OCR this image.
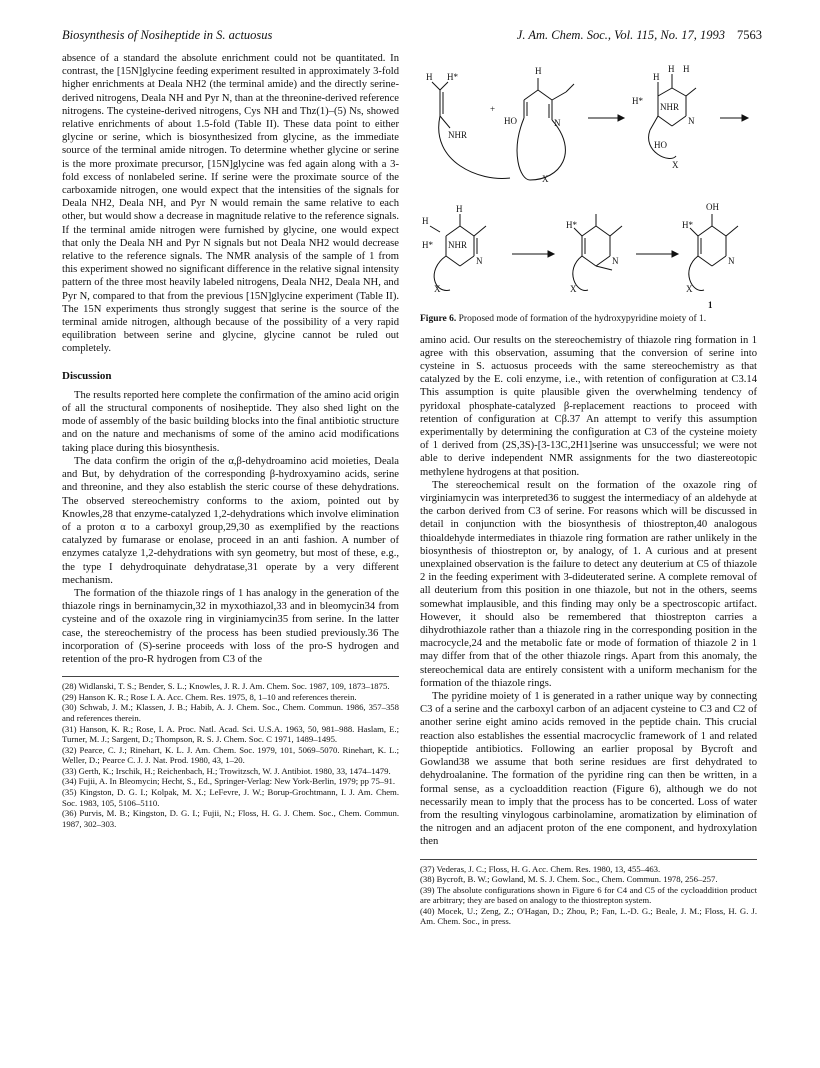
Biosynthesis of Nosiheptide in S. actuosus	J. Am. Chem. Soc., Vol. 115, No. 17, 1993 7563

absence of a standard the absolute enrichment could not be quantitated. In contrast, the [15N]glycine feeding experiment resulted in approximately 3-fold higher enrichments at Deala NH2 (the terminal amide) and the directly serine-derived nitrogens, Deala NH and Pyr N, than at the threonine-derived reference nitrogens. The cysteine-derived nitrogens, Cys NH and Thz(1)–(5) Ns, showed relative enrichments of about 1.5-fold (Table II). These data point to either glycine or serine, which is biosynthesized from glycine, as the immediate source of the terminal amide nitrogen. To determine whether glycine or serine is the more proximate precursor, [15N]glycine was fed again along with a 3-fold excess of nonlabeled serine. If serine were the proximate source of the carboxamide nitrogen, one would expect that the intensities of the signals for Deala NH2, Deala NH, and Pyr N would remain the same relative to each other, but would show a decrease in magnitude relative to the reference signals. If the terminal amide nitrogen were furnished by glycine, one would expect that only the Deala NH and Pyr N signals but not Deala NH2 would decrease relative to the reference signals. The NMR analysis of the sample of 1 from this experiment showed no significant difference in the relative signal intensity pattern of the three most heavily labeled nitrogens, Deala NH2, Deala NH, and Pyr N, compared to that from the previous [15N]glycine experiment (Table II). The 15N experiments thus strongly suggest that serine is the source of the terminal amide nitrogen, although because of the possibility of a very rapid equilibration between serine and glycine, glycine cannot be ruled out completely.

Discussion

The results reported here complete the confirmation of the amino acid origin of all the structural components of nosiheptide. They also shed light on the mode of assembly of the basic building blocks into the final antibiotic structure and on the nature and mechanisms of some of the amino acid modifications taking place during this biosynthesis.

The data confirm the origin of the α,β-dehydroamino acid moieties, Deala and But, by dehydration of the corresponding β-hydroxyamino acids, serine and threonine, and they also establish the steric course of these dehydrations. The observed stereochemistry conforms to the axiom, pointed out by Knowles,28 that enzyme-catalyzed 1,2-dehydrations which involve elimination of a proton α to a carboxyl group,29,30 as exemplified by the reactions catalyzed by fumarase or enolase, proceed in an anti fashion. A number of enzymes catalyze 1,2-dehydrations with syn geometry, but most of these, e.g., the type I dehydroquinate dehydratase,31 operate by a very different mechanism.

The formation of the thiazole rings of 1 has analogy in the generation of the thiazole rings in berninamycin,32 in myxothiazol,33 and in bleomycin34 from cysteine and of the oxazole ring in virginiamycin35 from serine. In the latter case, the stereochemistry of the process has been studied previously.36 The incorporation of (S)-serine proceeds with loss of the pro-S hydrogen and retention of the pro-R hydrogen from C3 of the

(28) Widlanski, T. S.; Bender, S. L.; Knowles, J. R. J. Am. Chem. Soc. 1987, 109, 1873–1875.
(29) Hanson K. R.; Rose I. A. Acc. Chem. Res. 1975, 8, 1–10 and references therein.
(30) Schwab, J. M.; Klassen, J. B.; Habib, A. J. Chem. Soc., Chem. Commun. 1986, 357–358 and references therein.
(31) Hanson, K. R.; Rose, I. A. Proc. Natl. Acad. Sci. U.S.A. 1963, 50, 981–988. Haslam, E.; Turner, M. J.; Sargent, D.; Thompson, R. S. J. Chem. Soc. C 1971, 1489–1495.
(32) Pearce, C. J.; Rinehart, K. L. J. Am. Chem. Soc. 1979, 101, 5069–5070. Rinehart, K. L.; Weller, D.; Pearce C. J. J. Nat. Prod. 1980, 43, 1–20.
(33) Gerth, K.; Irschik, H.; Reichenbach, H.; Trowitzsch, W. J. Antibiot. 1980, 33, 1474–1479.
(34) Fujii, A. In Bleomycin; Hecht, S., Ed., Springer-Verlag: New York-Berlin, 1979; pp 75–91.
(35) Kingston, D. G. I.; Kolpak, M. X.; LeFevre, J. W.; Borup-Grochtmann, I. J. Am. Chem. Soc. 1983, 105, 5106–5110.
(36) Purvis, M. B.; Kingston, D. G. I.; Fujii, N.; Floss, H. G. J. Chem. Soc., Chem. Commun. 1987, 302–303.
H H*
NHR
+
H
HO	N
X
H
H H
H*
NHR
N
HO
X
H
H
H* NHR
N
X
H*
N
X
OH
H*
N
X
1
Figure 6. Proposed mode of formation of the hydroxypyridine moiety of 1.

amino acid. Our results on the stereochemistry of thiazole ring formation in 1 agree with this observation, assuming that the conversion of serine into cysteine in S. actuosus proceeds with the same stereochemistry as that catalyzed by the E. coli enzyme, i.e., with retention of configuration at C3.14 This assumption is quite plausible given the overwhelming tendency of pyridoxal phosphate-catalyzed β-replacement reactions to proceed with retention of configuration at Cβ.37 An attempt to verify this assumption experimentally by determining the configuration at C3 of the cysteine moiety of 1 derived from (2S,3S)-[3-13C,2H1]serine was unsuccessful; we were not able to derive independent NMR assignments for the two diastereotopic methylene hydrogens at that position.

The stereochemical result on the formation of the oxazole ring of virginiamycin was interpreted36 to suggest the intermediacy of an aldehyde at the carbon derived from C3 of serine. For reasons which will be discussed in detail in conjunction with the biosynthesis of thiostrepton,40 analogous thioaldehyde intermediates in thiazole ring formation are rather unlikely in the biosynthesis of thiostrepton or, by analogy, of 1. A curious and at present unexplained observation is the failure to detect any deuterium at C5 of thiazole 2 in the feeding experiment with 3-dideuterated serine. A complete removal of all deuterium from this position in one thiazole, but not in the others, seems somewhat implausible, and this finding may only be a spectroscopic artifact. However, it should also be remembered that thiostrepton carries a dihydrothiazole rather than a thiazole ring in the corresponding position in the macrocycle,24 and the metabolic fate or mode of formation of thiazole 2 in 1 may differ from that of the other thiazole rings. Apart from this anomaly, the stereochemical data are entirely consistent with a uniform mechanism for the formation of the thiazole rings.

The pyridine moiety of 1 is generated in a rather unique way by connecting C3 of a serine and the carboxyl carbon of an adjacent cysteine to C3 and C2 of another serine eight amino acids removed in the peptide chain. This crucial reaction also establishes the essential macrocyclic framework of 1 and related thiopeptide antibiotics. Following an earlier proposal by Bycroft and Gowland38 we assume that both serine residues are first dehydrated to dehydroalanine. The formation of the pyridine ring can then be written, in a formal sense, as a cycloaddition reaction (Figure 6), although we do not necessarily mean to imply that the process has to be concerted. Loss of water from the resulting vinylogous carbinolamine, aromatization by elimination of the nitrogen and an adjacent proton of the ene component, and hydroxylation then

(37) Vederas, J. C.; Floss, H. G. Acc. Chem. Res. 1980, 13, 455–463.
(38) Bycroft, B. W.; Gowland, M. S. J. Chem. Soc., Chem. Commun. 1978, 256–257.
(39) The absolute configurations shown in Figure 6 for C4 and C5 of the cycloaddition product are arbitrary; they are based on analogy to the thiostrepton system.
(40) Mocek, U.; Zeng, Z.; O'Hagan, D.; Zhou, P.; Fan, L.-D. G.; Beale, J. M.; Floss, H. G. J. Am. Chem. Soc., in press.
